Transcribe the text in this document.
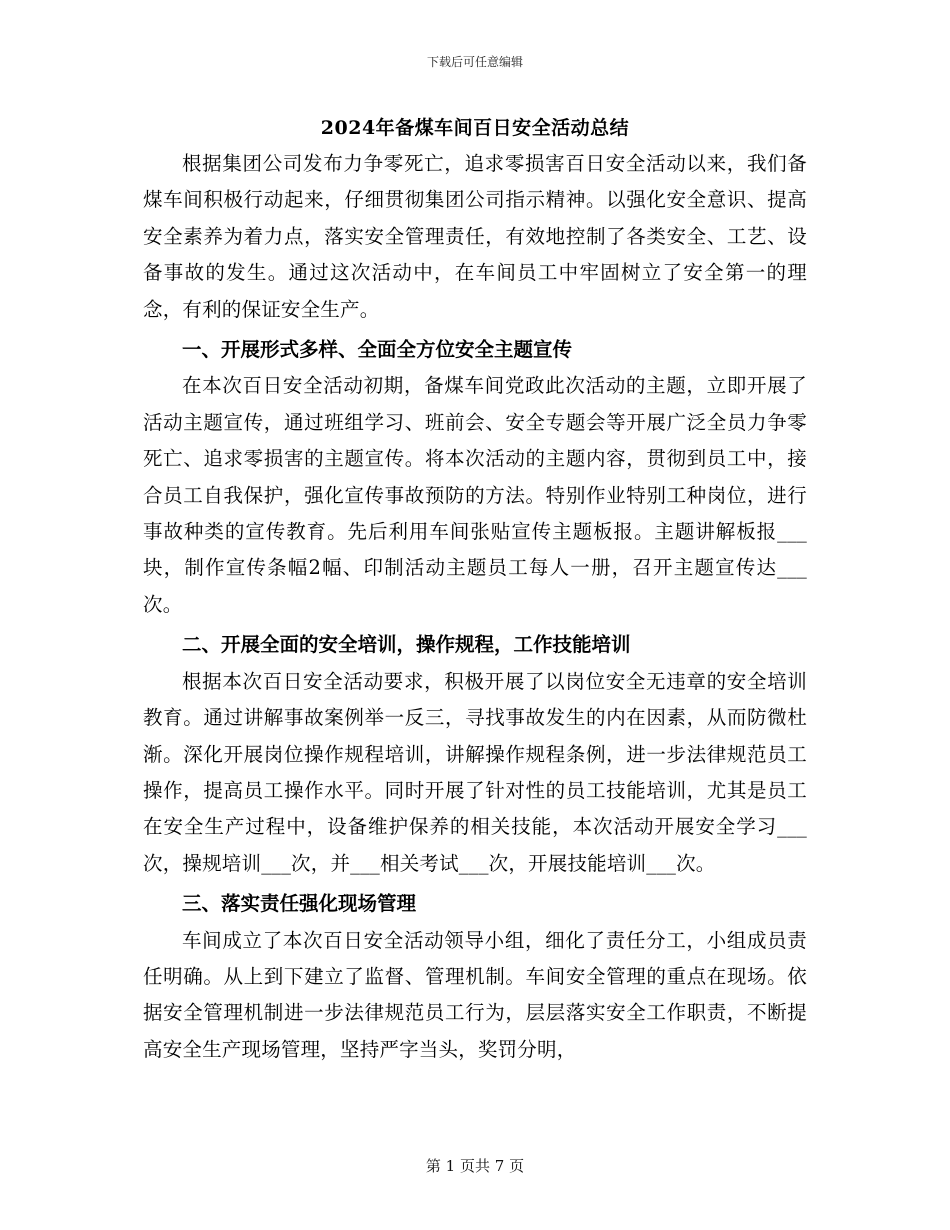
下载后可任意编辑
2024年备煤车间百日安全活动总结

根据集团公司发布力争零死亡，追求零损害百日安全活动以来，我们备煤车间积极行动起来，仔细贯彻集团公司指示精神。以强化安全意识、提高安全素养为着力点，落实安全管理责任，有效地控制了各类安全、工艺、设备事故的发生。通过这次活动中，在车间员工中牢固树立了安全第一的理念，有利的保证安全生产。

一、开展形式多样、全面全方位安全主题宣传

在本次百日安全活动初期，备煤车间党政此次活动的主题，立即开展了活动主题宣传，通过班组学习、班前会、安全专题会等开展广泛全员力争零死亡、追求零损害的主题宣传。将本次活动的主题内容，贯彻到员工中，接合员工自我保护，强化宣传事故预防的方法。特别作业特别工种岗位，进行事故种类的宣传教育。先后利用车间张贴宣传主题板报。主题讲解板报___块，制作宣传条幅2幅、印制活动主题员工每人一册，召开主题宣传达___次。

二、开展全面的安全培训，操作规程，工作技能培训

根据本次百日安全活动要求，积极开展了以岗位安全无违章的安全培训教育。通过讲解事故案例举一反三，寻找事故发生的内在因素，从而防微杜渐。深化开展岗位操作规程培训，讲解操作规程条例，进一步法律规范员工操作，提高员工操作水平。同时开展了针对性的员工技能培训，尤其是员工在安全生产过程中，设备维护保养的相关技能，本次活动开展安全学习___次，操规培训___次，并___相关考试___次，开展技能培训___次。

三、落实责任强化现场管理

车间成立了本次百日安全活动领导小组，细化了责任分工，小组成员责任明确。从上到下建立了监督、管理机制。车间安全管理的重点在现场。依据安全管理机制进一步法律规范员工行为，层层落实安全工作职责，不断提高安全生产现场管理，坚持严字当头，奖罚分明，

第 1 页共 7 页
